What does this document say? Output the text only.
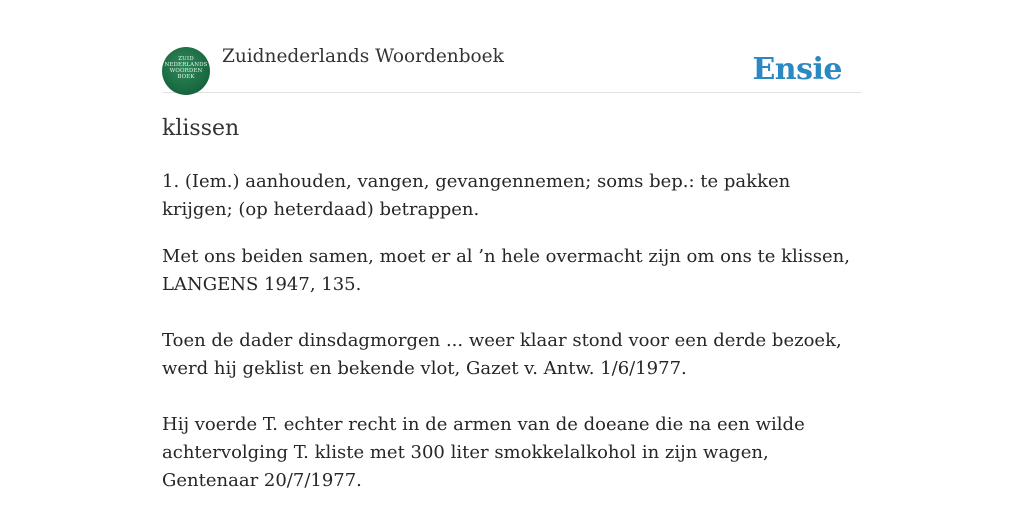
ZUID
NEDERLANDS
WOORDEN
BOEK
Zuidnederlands Woordenboek	Ensie
klissen
1. (Iem.) aanhouden, vangen, gevangennemen; soms bep.: te pakken krijgen; (op heterdaad) betrappen.
Met ons beiden samen, moet er al ’n hele overmacht zijn om ons te klissen, LANGENS 1947, 135.
Toen de dader dinsdagmorgen ... weer klaar stond voor een derde bezoek, werd hij geklist en bekende vlot, Gazet v. Antw. 1/6/1977.
Hij voerde T. echter recht in de armen van de doeane die na een wilde achtervolging T. kliste met 300 liter smokkelalkohol in zijn wagen, Gentenaar 20/7/1977.
